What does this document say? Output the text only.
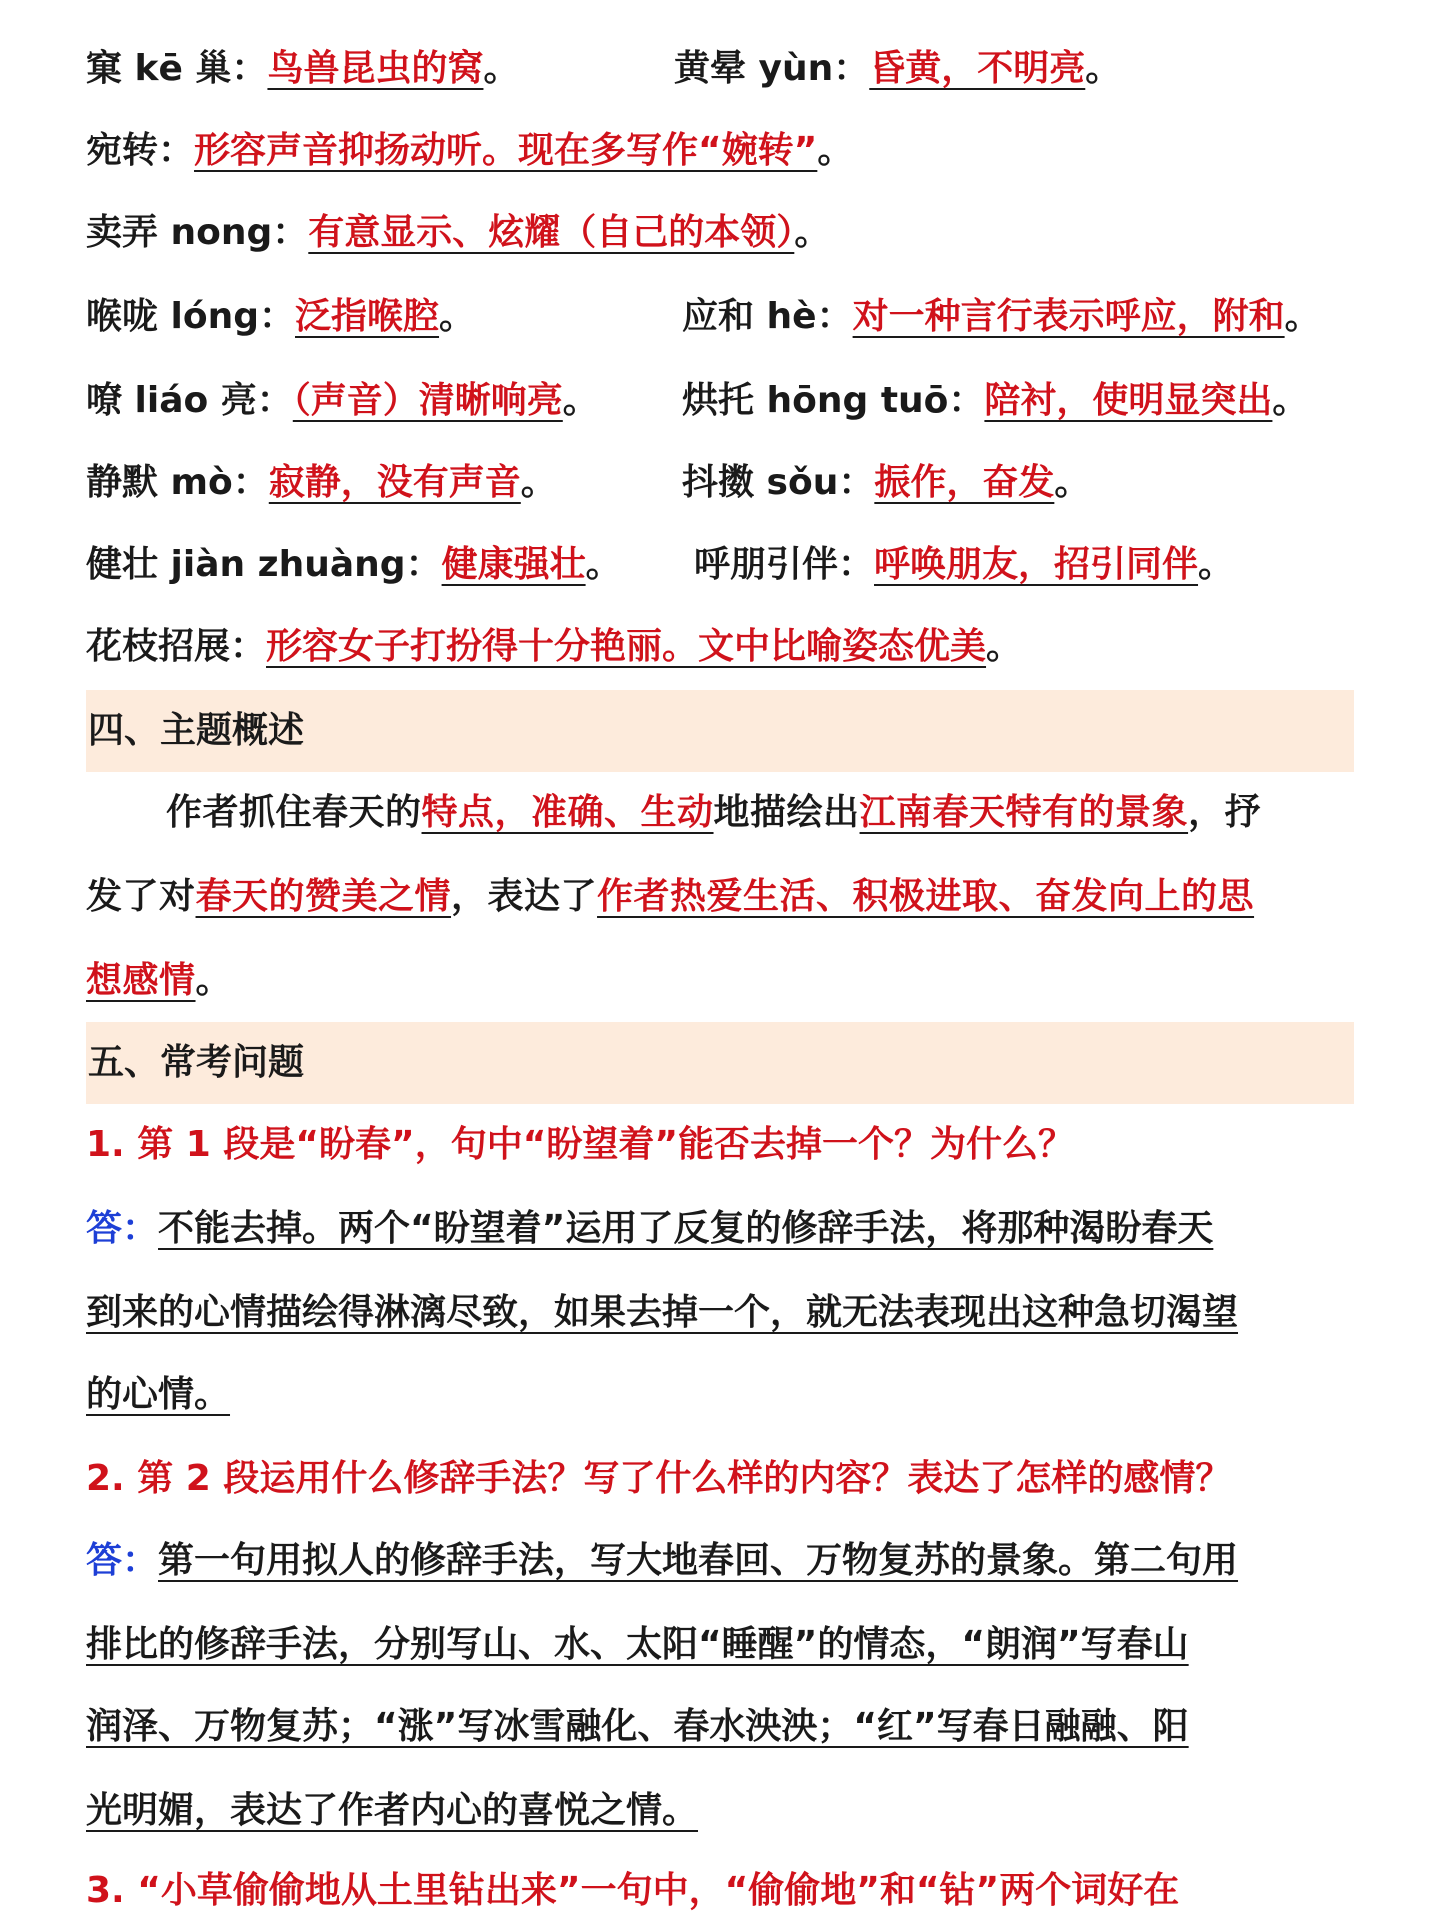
窠 kē 巢：鸟兽昆虫的窝。	黄晕 yùn：昏黄，不明亮。
宛转：形容声音抑扬动听。现在多写作“婉转”。
卖弄 nong：有意显示、炫耀（自己的本领）。
喉咙 lóng：泛指喉腔。	应和 hè：对一种言行表示呼应，附和。
嘹 liáo 亮：（声音）清晰响亮。 烘托 hōng tuō：陪衬，使明显突出。
静默 mò：寂静，没有声音。	抖擞 sǒu：振作，奋发。
健壮 jiàn zhuàng：健康强壮。 呼朋引伴：呼唤朋友，招引同伴。
花枝招展：形容女子打扮得十分艳丽。文中比喻姿态优美。
四、主题概述
作者抓住春天的特点，准确、生动地描绘出江南春天特有的景象，抒
发了对春天的赞美之情，表达了作者热爱生活、积极进取、奋发向上的思
想感情。
五、常考问题
1. 第 1 段是“盼春”，句中“盼望着”能否去掉一个？为什么？
答：不能去掉。两个“盼望着”运用了反复的修辞手法，将那种渴盼春天
到来的心情描绘得淋漓尽致，如果去掉一个，就无法表现出这种急切渴望
的心情。
2. 第 2 段运用什么修辞手法？写了什么样的内容？表达了怎样的感情？
答：第一句用拟人的修辞手法，写大地春回、万物复苏的景象。第二句用
排比的修辞手法，分别写山、水、太阳“睡醒”的情态，“朗润”写春山
润泽、万物复苏；“涨”写冰雪融化、春水泱泱；“红”写春日融融、阳
光明媚，表达了作者内心的喜悦之情。
3. “小草偷偷地从土里钻出来”一句中，“偷偷地”和“钻”两个词好在
